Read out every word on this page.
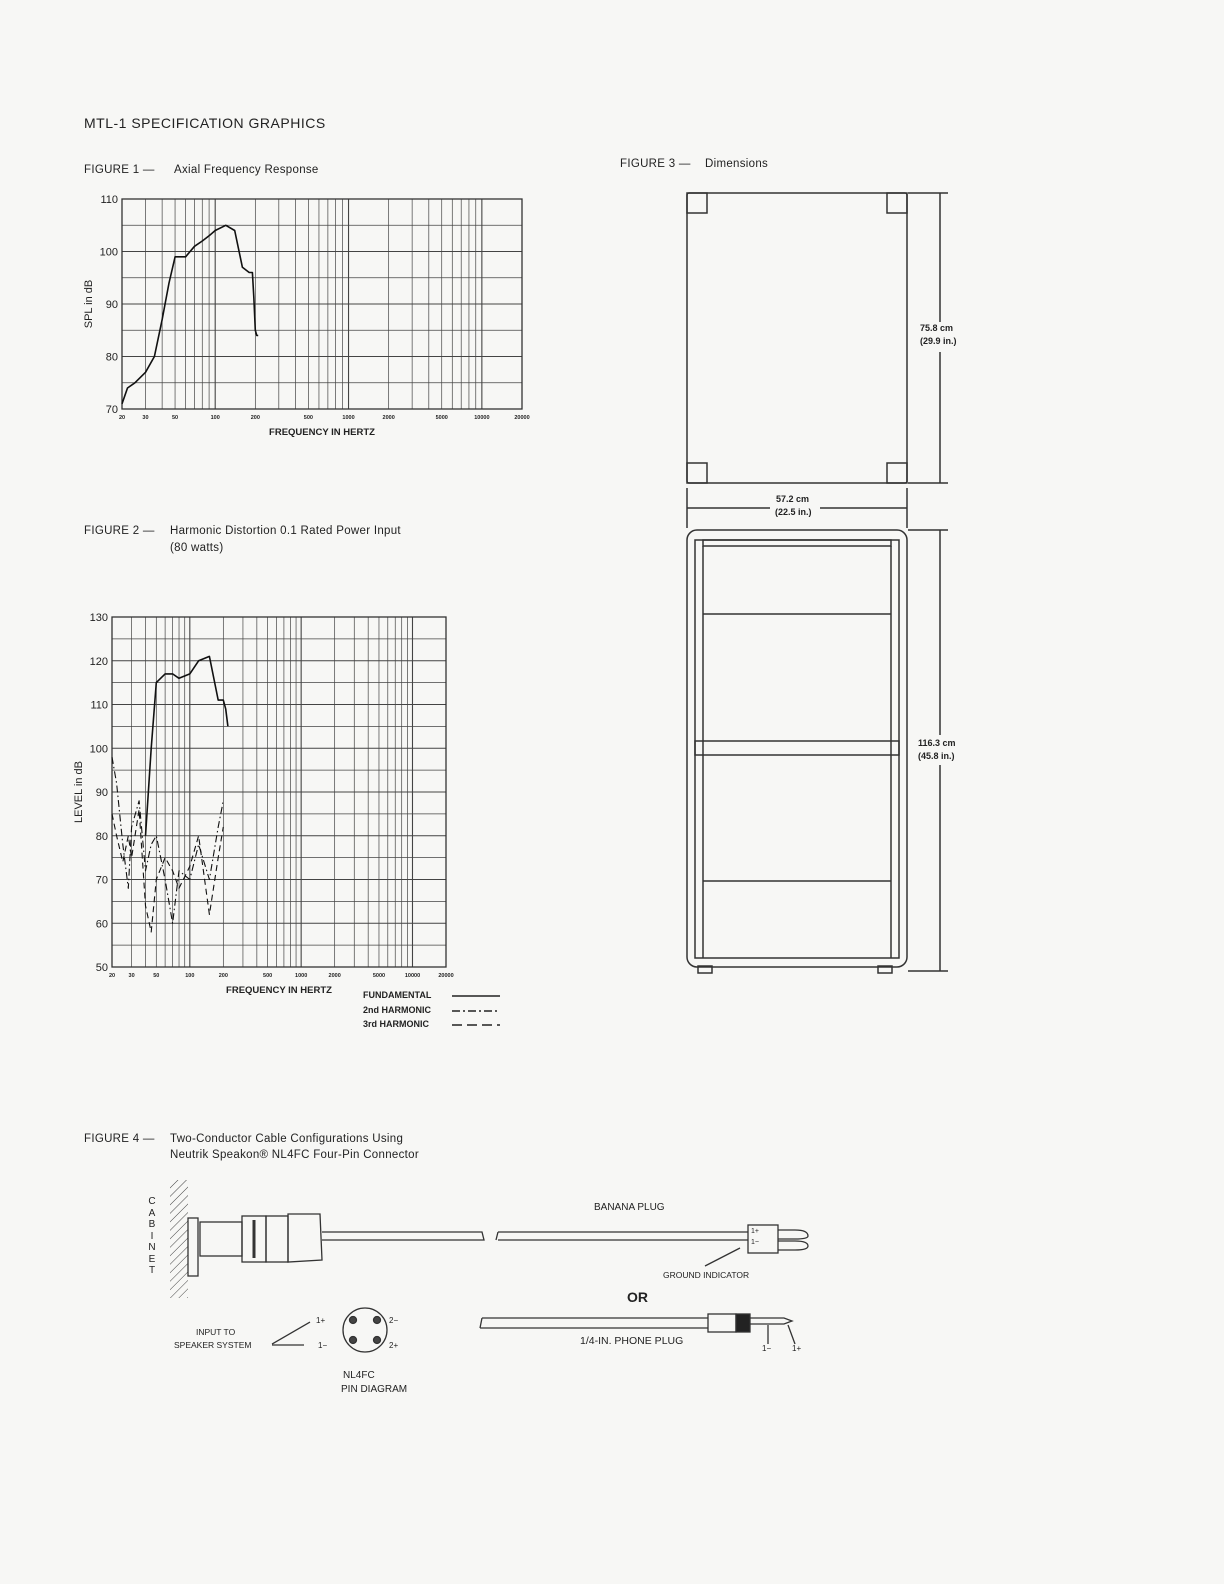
MTL-1 SPECIFICATION GRAPHICS
FIGURE 1 — Axial Frequency Response
FIGURE 2 — Harmonic Distortion 0.1 Rated Power Input
(80 watts)
FIGURE 3 — Dimensions
FIGURE 4 — Two-Conductor Cable Configurations Using
Neutrik Speakon® NL4FC Four-Pin Connector
70
80
90
100
110
20	30	50	100	200	500	1000	2000	5000	10000	20000
FREQUENCY IN HERTZ
SPL in dB
50
60
70
80
90
100
110
120
130
20 30	50	100	200	500	1000	2000	5000	10000	20000
FREQUENCY IN HERTZ
LEVEL in dB
75.8 cm
(29.9 in.)
57.2 cm
(22.5 in.)
116.3 cm
(45.8 in.)
FUNDAMENTAL
2nd HARMONIC
3rd HARMONIC
C
A
B
I
N
E
T
BANANA PLUG
1+
1−
GROUND INDICATOR
OR
1/4-IN. PHONE PLUG
1−	1+
INPUT TO
SPEAKER SYSTEM
1+
1−
2−
2+
NL4FC
PIN DIAGRAM
